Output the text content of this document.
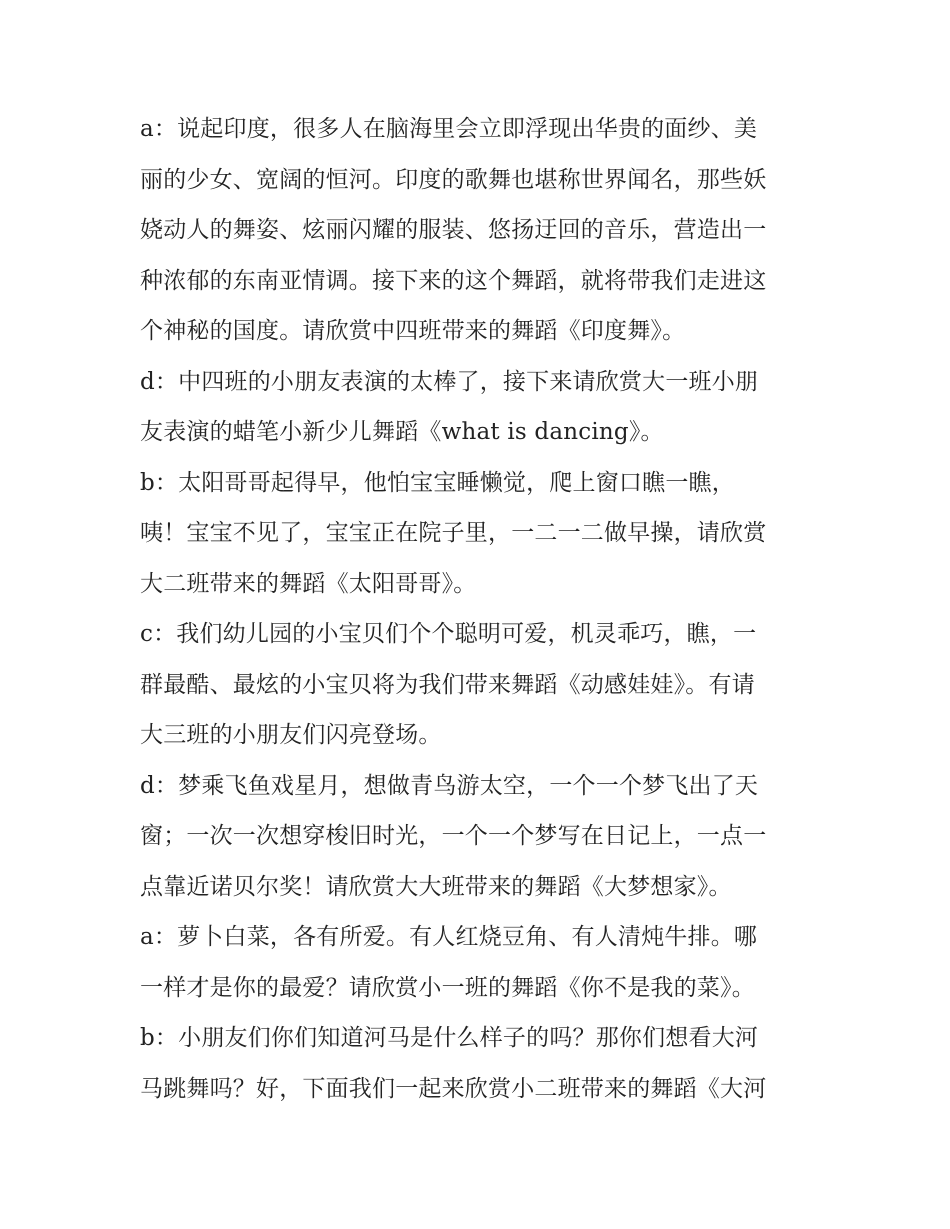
a：说起印度，很多人在脑海里会立即浮现出华贵的面纱、美
丽的少女、宽阔的恒河。印度的歌舞也堪称世界闻名，那些妖
娆动人的舞姿、炫丽闪耀的服装、悠扬迂回的音乐，营造出一
种浓郁的东南亚情调。接下来的这个舞蹈，就将带我们走进这
个神秘的国度。请欣赏中四班带来的舞蹈《印度舞》。

d：中四班的小朋友表演的太棒了，接下来请欣赏大一班小朋
友表演的蜡笔小新少儿舞蹈《what is dancing》。

b：太阳哥哥起得早，他怕宝宝睡懒觉，爬上窗口瞧一瞧，
咦！宝宝不见了，宝宝正在院子里，一二一二做早操，请欣赏
大二班带来的舞蹈《太阳哥哥》。

c：我们幼儿园的小宝贝们个个聪明可爱，机灵乖巧，瞧，一
群最酷、最炫的小宝贝将为我们带来舞蹈《动感娃娃》。有请
大三班的小朋友们闪亮登场。

d：梦乘飞鱼戏星月，想做青鸟游太空，一个一个梦飞出了天
窗；一次一次想穿梭旧时光，一个一个梦写在日记上，一点一
点靠近诺贝尔奖！请欣赏大大班带来的舞蹈《大梦想家》。

a：萝卜白菜，各有所爱。有人红烧豆角、有人清炖牛排。哪
一样才是你的最爱？请欣赏小一班的舞蹈《你不是我的菜》。

b：小朋友们你们知道河马是什么样子的吗？那你们想看大河
马跳舞吗？好，下面我们一起来欣赏小二班带来的舞蹈《大河
